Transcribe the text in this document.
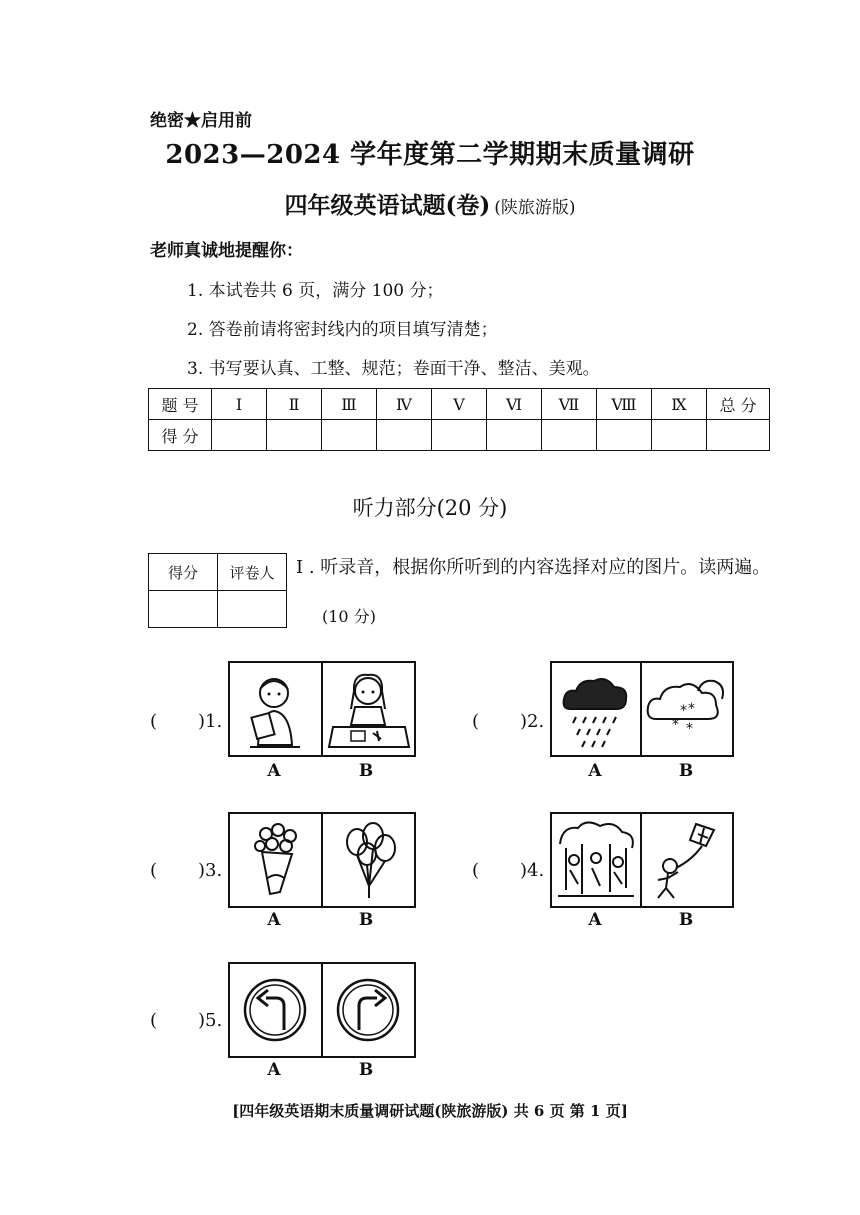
绝密★启用前
2023—2024 学年度第二学期期末质量调研
四年级英语试题(卷) (陕旅游版)
老师真诚地提醒你：
1. 本试卷共 6 页，满分 100 分；
2. 答卷前请将密封线内的项目填写清楚；
3. 书写要认真、工整、规范；卷面干净、整洁、美观。
题 号	I	Ⅱ	Ⅲ	Ⅳ	V	Ⅵ	Ⅶ	Ⅷ	Ⅸ	总 分
得 分										
听力部分(20 分)
得分	评卷人
	I . 听录音，根据你所听到的内容选择对应的图片。读两遍。
(10 分)
( )1.
A	B
( )2.	* *
* *
A	B
( )3.
A	B
( )4.
A	B
( )5.
A	B
[四年级英语期末质量调研试题(陕旅游版) 共 6 页 第 1 页]
